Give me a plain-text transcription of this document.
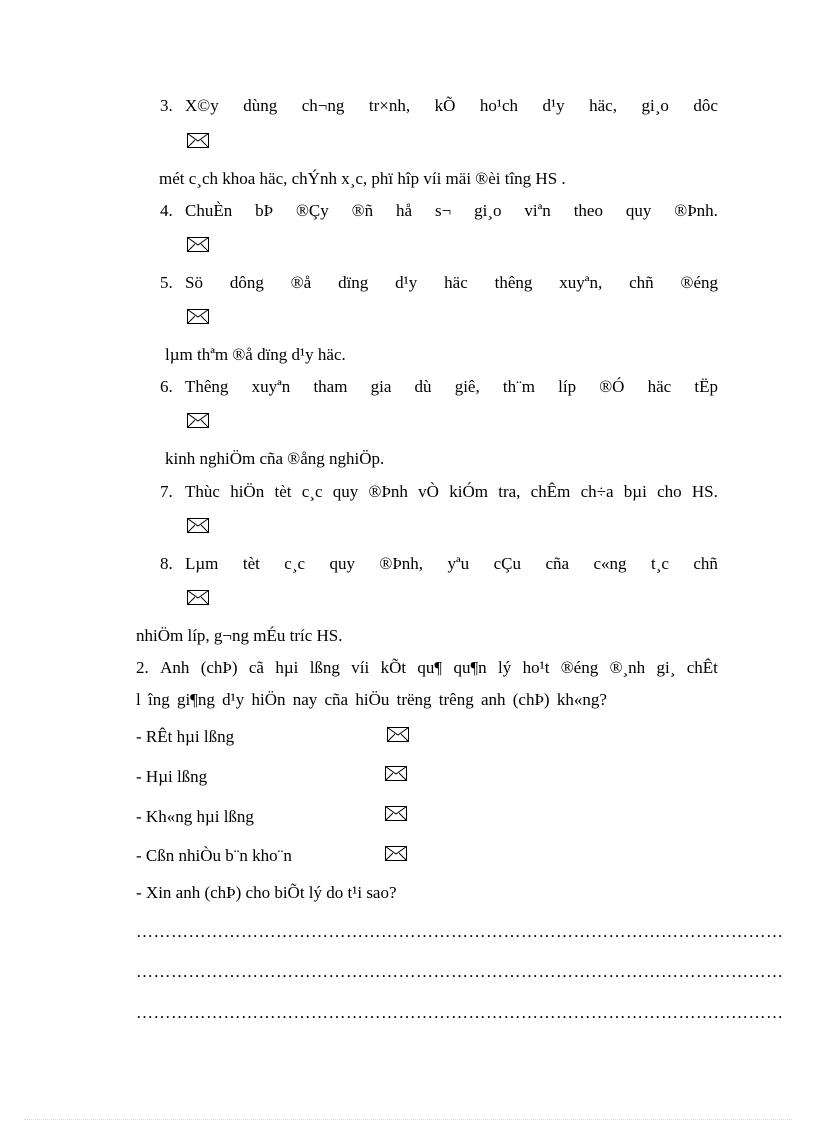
3. X©y dùng ch¬ng tr×nh, kÕ ho¹ch d¹y häc, gi¸o dôc
mét c¸ch khoa häc, chÝnh x¸c, phï hîp víi mäi ®èi tîng HS .
4. ChuÈn bÞ ®Çy ®ñ hå s¬ gi¸o viªn theo quy ®Þnh.
5. Sö dông ®å dïng d¹y häc thêng xuyªn, chñ ®éng
lµm thªm ®å dïng d¹y häc.
6. Thêng xuyªn tham gia dù giê, th¨m líp ®Ó häc tËp
kinh nghiÖm cña ®ång nghiÖp.
7. Thùc hiÖn tèt c¸c quy ®Þnh vÒ kiÓm tra, chÊm ch÷a bµi cho HS.
8. Lµm tèt c¸c quy ®Þnh, yªu cÇu cña c«ng t¸c chñ
nhiÖm líp, g¬ng mÉu tríc HS.
2. Anh (chÞ) cã hµi lßng víi kÕt qu¶ qu¶n lý ho¹t ®éng ®¸nh gi¸ chÊt
l îng gi¶ng d¹y hiÖn nay cña hiÖu trëng trêng anh (chÞ) kh«ng?
- RÊt hµi lßng
- Hµi lßng
- Kh«ng hµi lßng
- Cßn nhiÒu b¨n kho¨n
- Xin anh (chÞ) cho biÕt lý do t¹i sao?
…………………………………………………………………………………………………
…………………………………………………………………………………………………
…………………………………………………………………………………………………
